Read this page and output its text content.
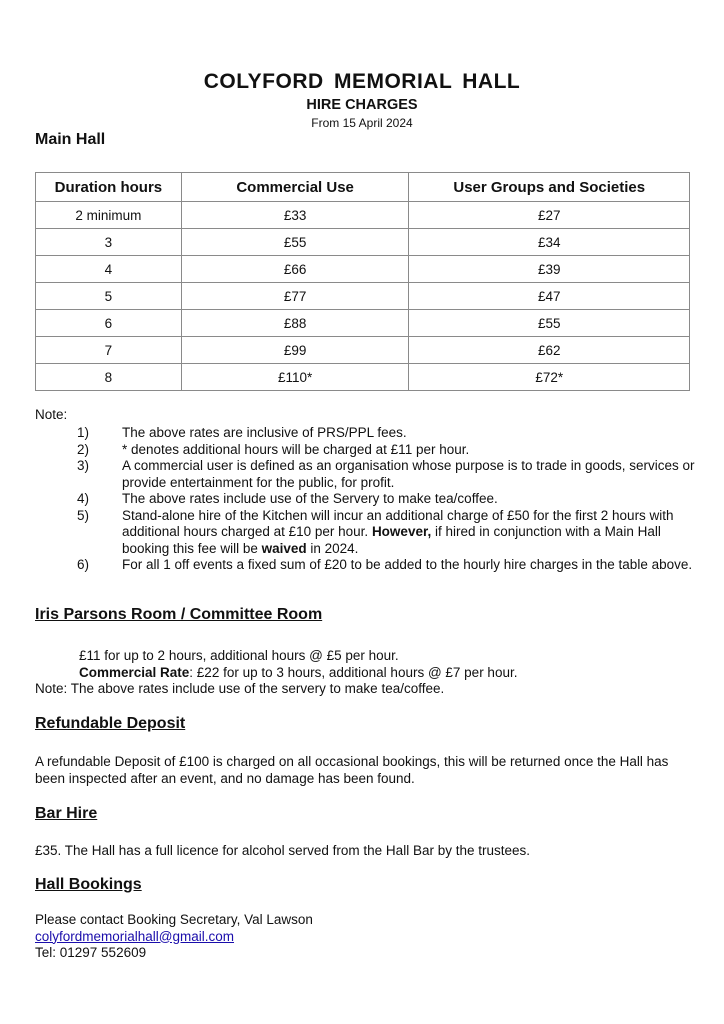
COLYFORD MEMORIAL HALL
HIRE CHARGES
From 15 April 2024
Main Hall
Duration hours	Commercial Use	User Groups and Societies
2 minimum	£33	£27
3	£55	£34
4	£66	£39
5	£77	£47
6	£88	£55
7	£99	£62
8	£110*	£72*
Note:
1)	The above rates are inclusive of PRS/PPL fees.
2)	* denotes additional hours will be charged at £11 per hour.
3)	A commercial user is defined as an organisation whose purpose is to trade in goods, services or provide entertainment for the public, for profit.
4)	The above rates include use of the Servery to make tea/coffee.
5)	Stand-alone hire of the Kitchen will incur an additional charge of £50 for the first 2 hours with additional hours charged at £10 per hour. However, if hired in conjunction with a Main Hall booking this fee will be waived in 2024.
6)	For all 1 off events a fixed sum of £20 to be added to the hourly hire charges in the table above.
Iris Parsons Room / Committee Room
£11 for up to 2 hours, additional hours @ £5 per hour.
Commercial Rate: £22 for up to 3 hours, additional hours @ £7 per hour.
Note: The above rates include use of the servery to make tea/coffee.
Refundable Deposit
A refundable Deposit of £100 is charged on all occasional bookings, this will be returned once the Hall has been inspected after an event, and no damage has been found.
Bar Hire
£35. The Hall has a full licence for alcohol served from the Hall Bar by the trustees.
Hall Bookings
Please contact Booking Secretary, Val Lawson
colyfordmemorialhall@gmail.com
Tel: 01297 552609
